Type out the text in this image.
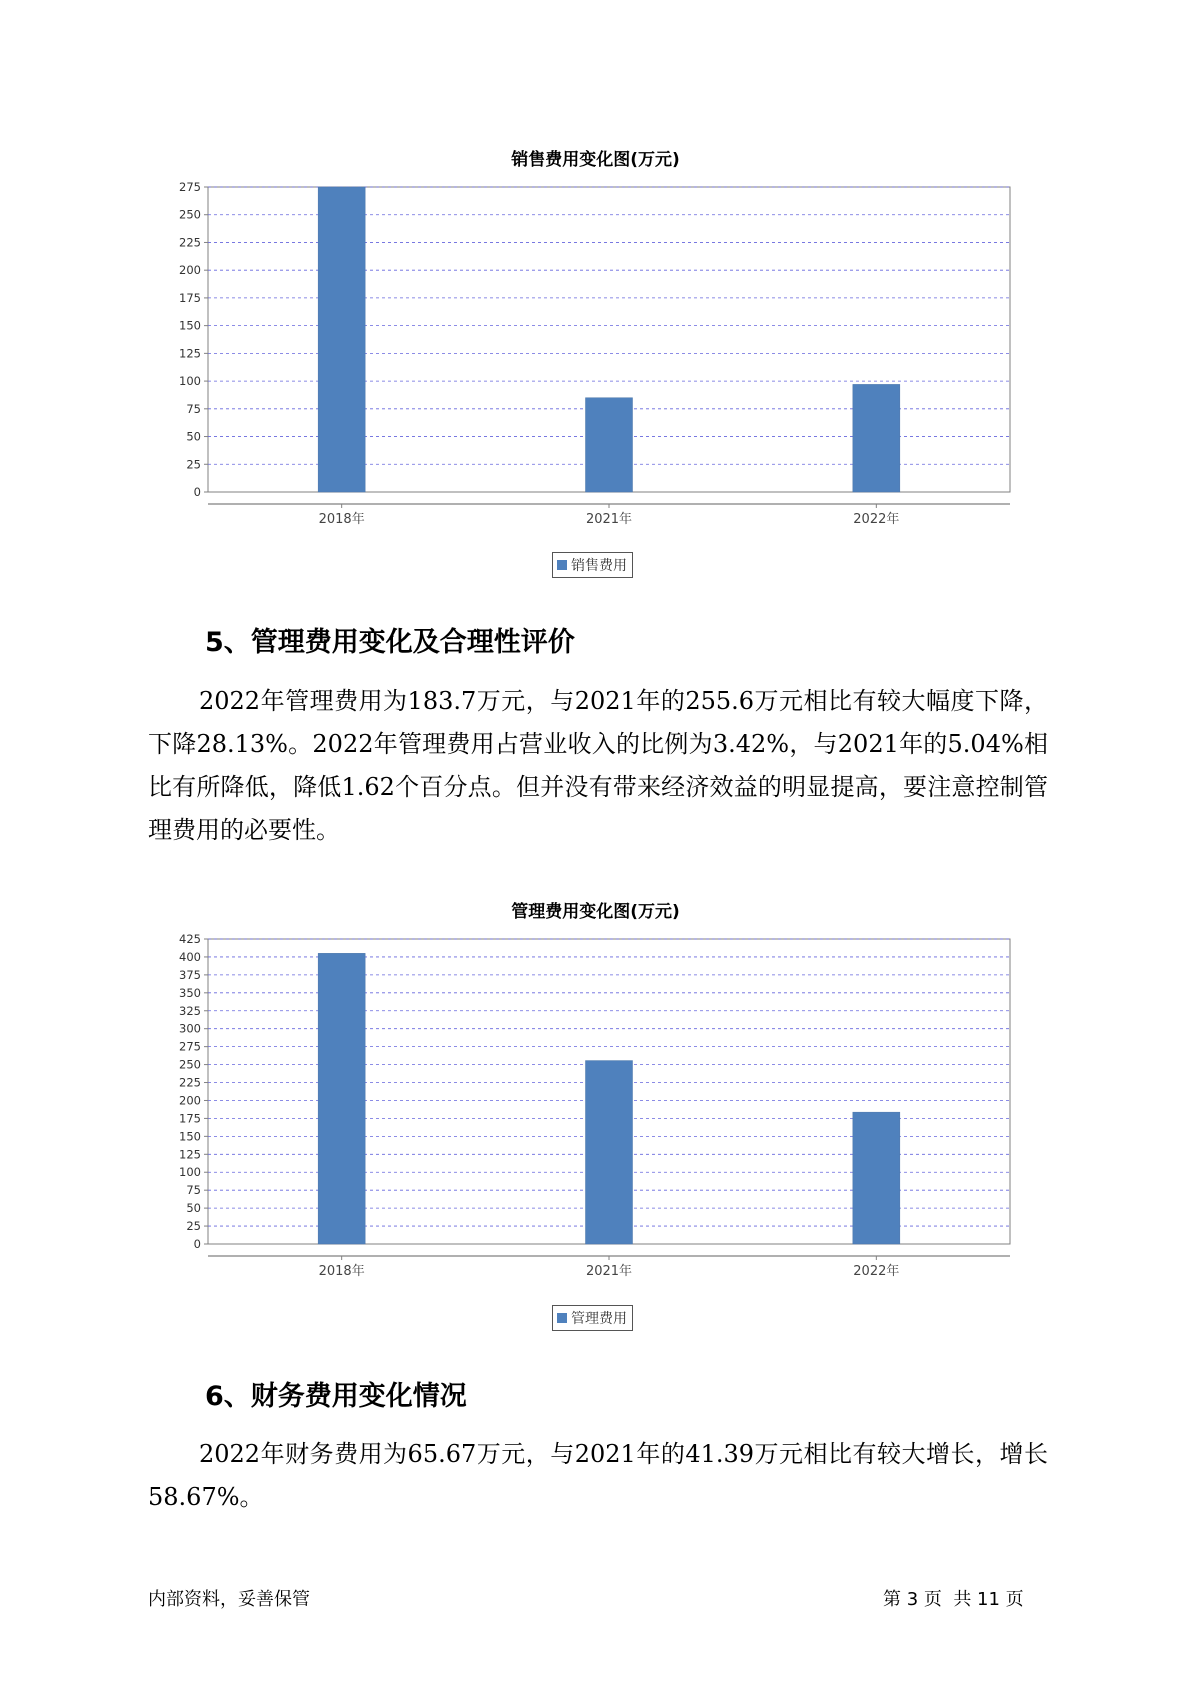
销售费用变化图(万元)
0
25
50
75
100
125
150
175
200
225
250
275
2018年	2021年	2022年
销售费用
5、管理费用变化及合理性评价

2022年管理费用为183.7万元，与2021年的255.6万元相比有较大幅度下降，下降28.13%。2022年管理费用占营业收入的比例为3.42%，与2021年的5.04%相比有所降低，降低1.62个百分点。但并没有带来经济效益的明显提高，要注意控制管理费用的必要性。

管理费用变化图(万元)
0
25
50
75
100
125
150
175
200
225
250
275
300
325
350
375
400
425
2018年	2021年	2022年
管理费用
6、财务费用变化情况

2022年财务费用为65.67万元，与2021年的41.39万元相比有较大增长，增长58.67%。

内部资料，妥善保管	第 3 页  共 11 页
